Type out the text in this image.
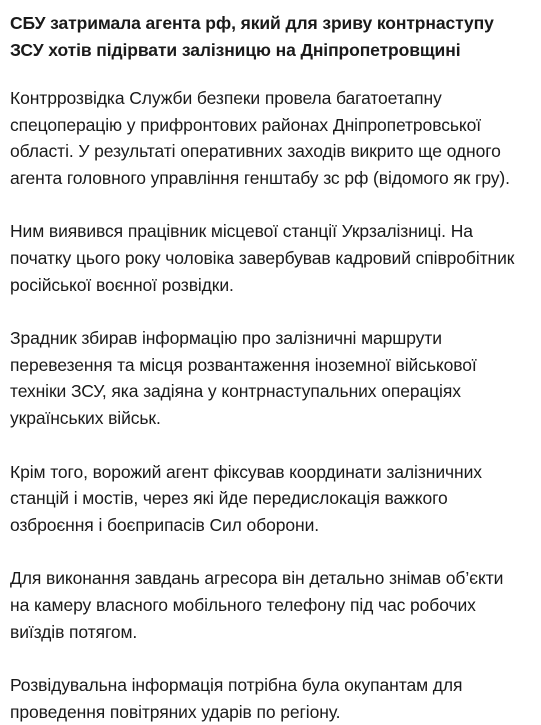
СБУ затримала агента рф, який для зриву контрнаступу ЗСУ хотів підірвати залізницю на Дніпропетровщині

Контррозвідка Служби безпеки провела багатоетапну спецоперацію у прифронтових районах Дніпропетровської області. У результаті оперативних заходів викрито ще одного агента головного управління генштабу зс рф (відомого як гру).

Ним виявився працівник місцевої станції Укрзалізниці. На початку цього року чоловіка завербував кадровий співробітник російської воєнної розвідки.

Зрадник збирав інформацію про залізничні маршрути перевезення та місця розвантаження іноземної військової техніки ЗСУ, яка задіяна у контрнаступальних операціях українських військ.

Крім того, ворожий агент фіксував координати залізничних станцій і мостів, через які йде передислокація важкого озброєння і боєприпасів Сил оборони.

Для виконання завдань агресора він детально знімав об’єкти на камеру власного мобільного телефону під час робочих виїздів потягом.

Розвідувальна інформація потрібна була окупантам для проведення повітряних ударів по регіону.
